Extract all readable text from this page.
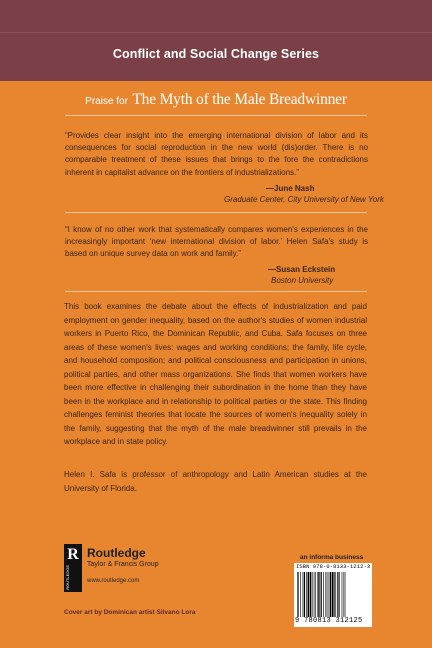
Conflict and Social Change Series
Praise for The Myth of the Male Breadwinner
“Provides clear insight into the emerging international division of labor and its consequences for social reproduction in the new world (dis)order. There is no comparable treatment of these issues that brings to the fore the contradictions inherent in capitalist advance on the frontiers of industrializations.”
—June Nash
Graduate Center, City University of New York
“I know of no other work that systematically compares women's experiences in the increasingly important ‘new international division of labor.’ Helen Safa's study is based on unique survey data on work and family.”
—Susan Eckstein
Boston University
This book examines the debate about the effects of industrialization and paid employment on gender inequality, based on the author's studies of women industrial workers in Puerto Rico, the Dominican Republic, and Cuba. Safa focuses on three areas of these women's lives: wages and working conditions; the family, life cycle, and household composition; and political consciousness and participation in unions, political parties, and other mass organizations. She finds that women workers have been more effective in challenging their subordination in the home than they have been in the workplace and in relationship to political parties or the state. This finding challenges feminist theories that locate the sources of women's inequality solely in the family, suggesting that the myth of the male breadwinner still prevails in the workplace and in state policy.
Helen I. Safa is professor of anthropology and Latin American studies at the University of Florida.
R
ROUTLEDGE
Routledge
Taylor & Francis Group
www.routledge.com
Cover art by Dominican artist Silvano Lora
an informa business
ISBN 978-0-8133-1212-3
9 780813 312125
